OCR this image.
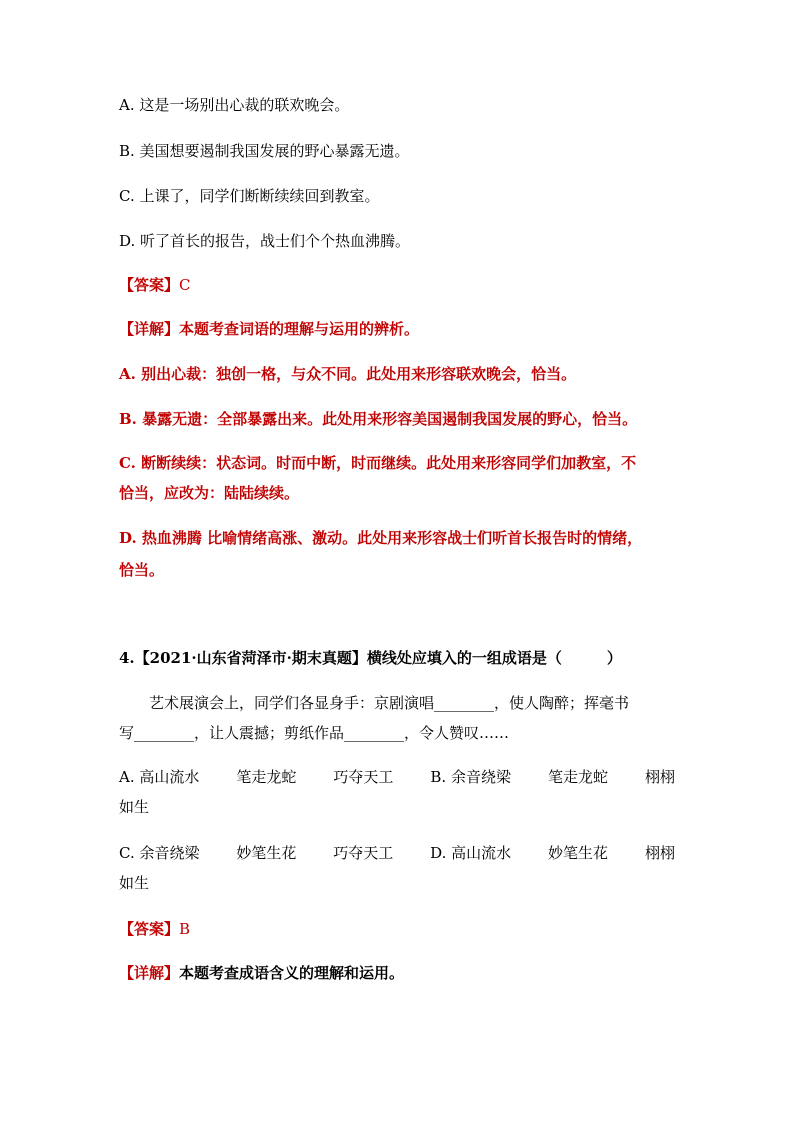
A. 这是一场别出心裁的联欢晚会。
B. 美国想要遏制我国发展的野心暴露无遗。
C. 上课了，同学们断断续续回到教室。
D. 听了首长的报告，战士们个个热血沸腾。
【答案】C
【详解】本题考查词语的理解与运用的辨析。
A. 别出心裁：独创一格，与众不同。此处用来形容联欢晚会，恰当。
B. 暴露无遗：全部暴露出来。此处用来形容美国遏制我国发展的野心，恰当。
C. 断断续续：状态词。时而中断，时而继续。此处用来形容同学们加教室，不
恰当，应改为：陆陆续续。
D. 热血沸腾 比喻情绪高涨、激动。此处用来形容战士们听首长报告时的情绪，
恰当。
4.【2021·山东省菏泽市·期末真题】横线处应填入的一组成语是（　　　）
艺术展演会上，同学们各显身手：京剧演唱________，使人陶醉；挥毫书
写________，让人震撼；剪纸作品________，令人赞叹……
A. 高山流水 笔走龙蛇 巧夺天工 B. 余音绕梁 笔走龙蛇 栩栩
如生
C. 余音绕梁 妙笔生花 巧夺天工 D. 高山流水 妙笔生花 栩栩
如生
【答案】B
【详解】本题考查成语含义的理解和运用。
